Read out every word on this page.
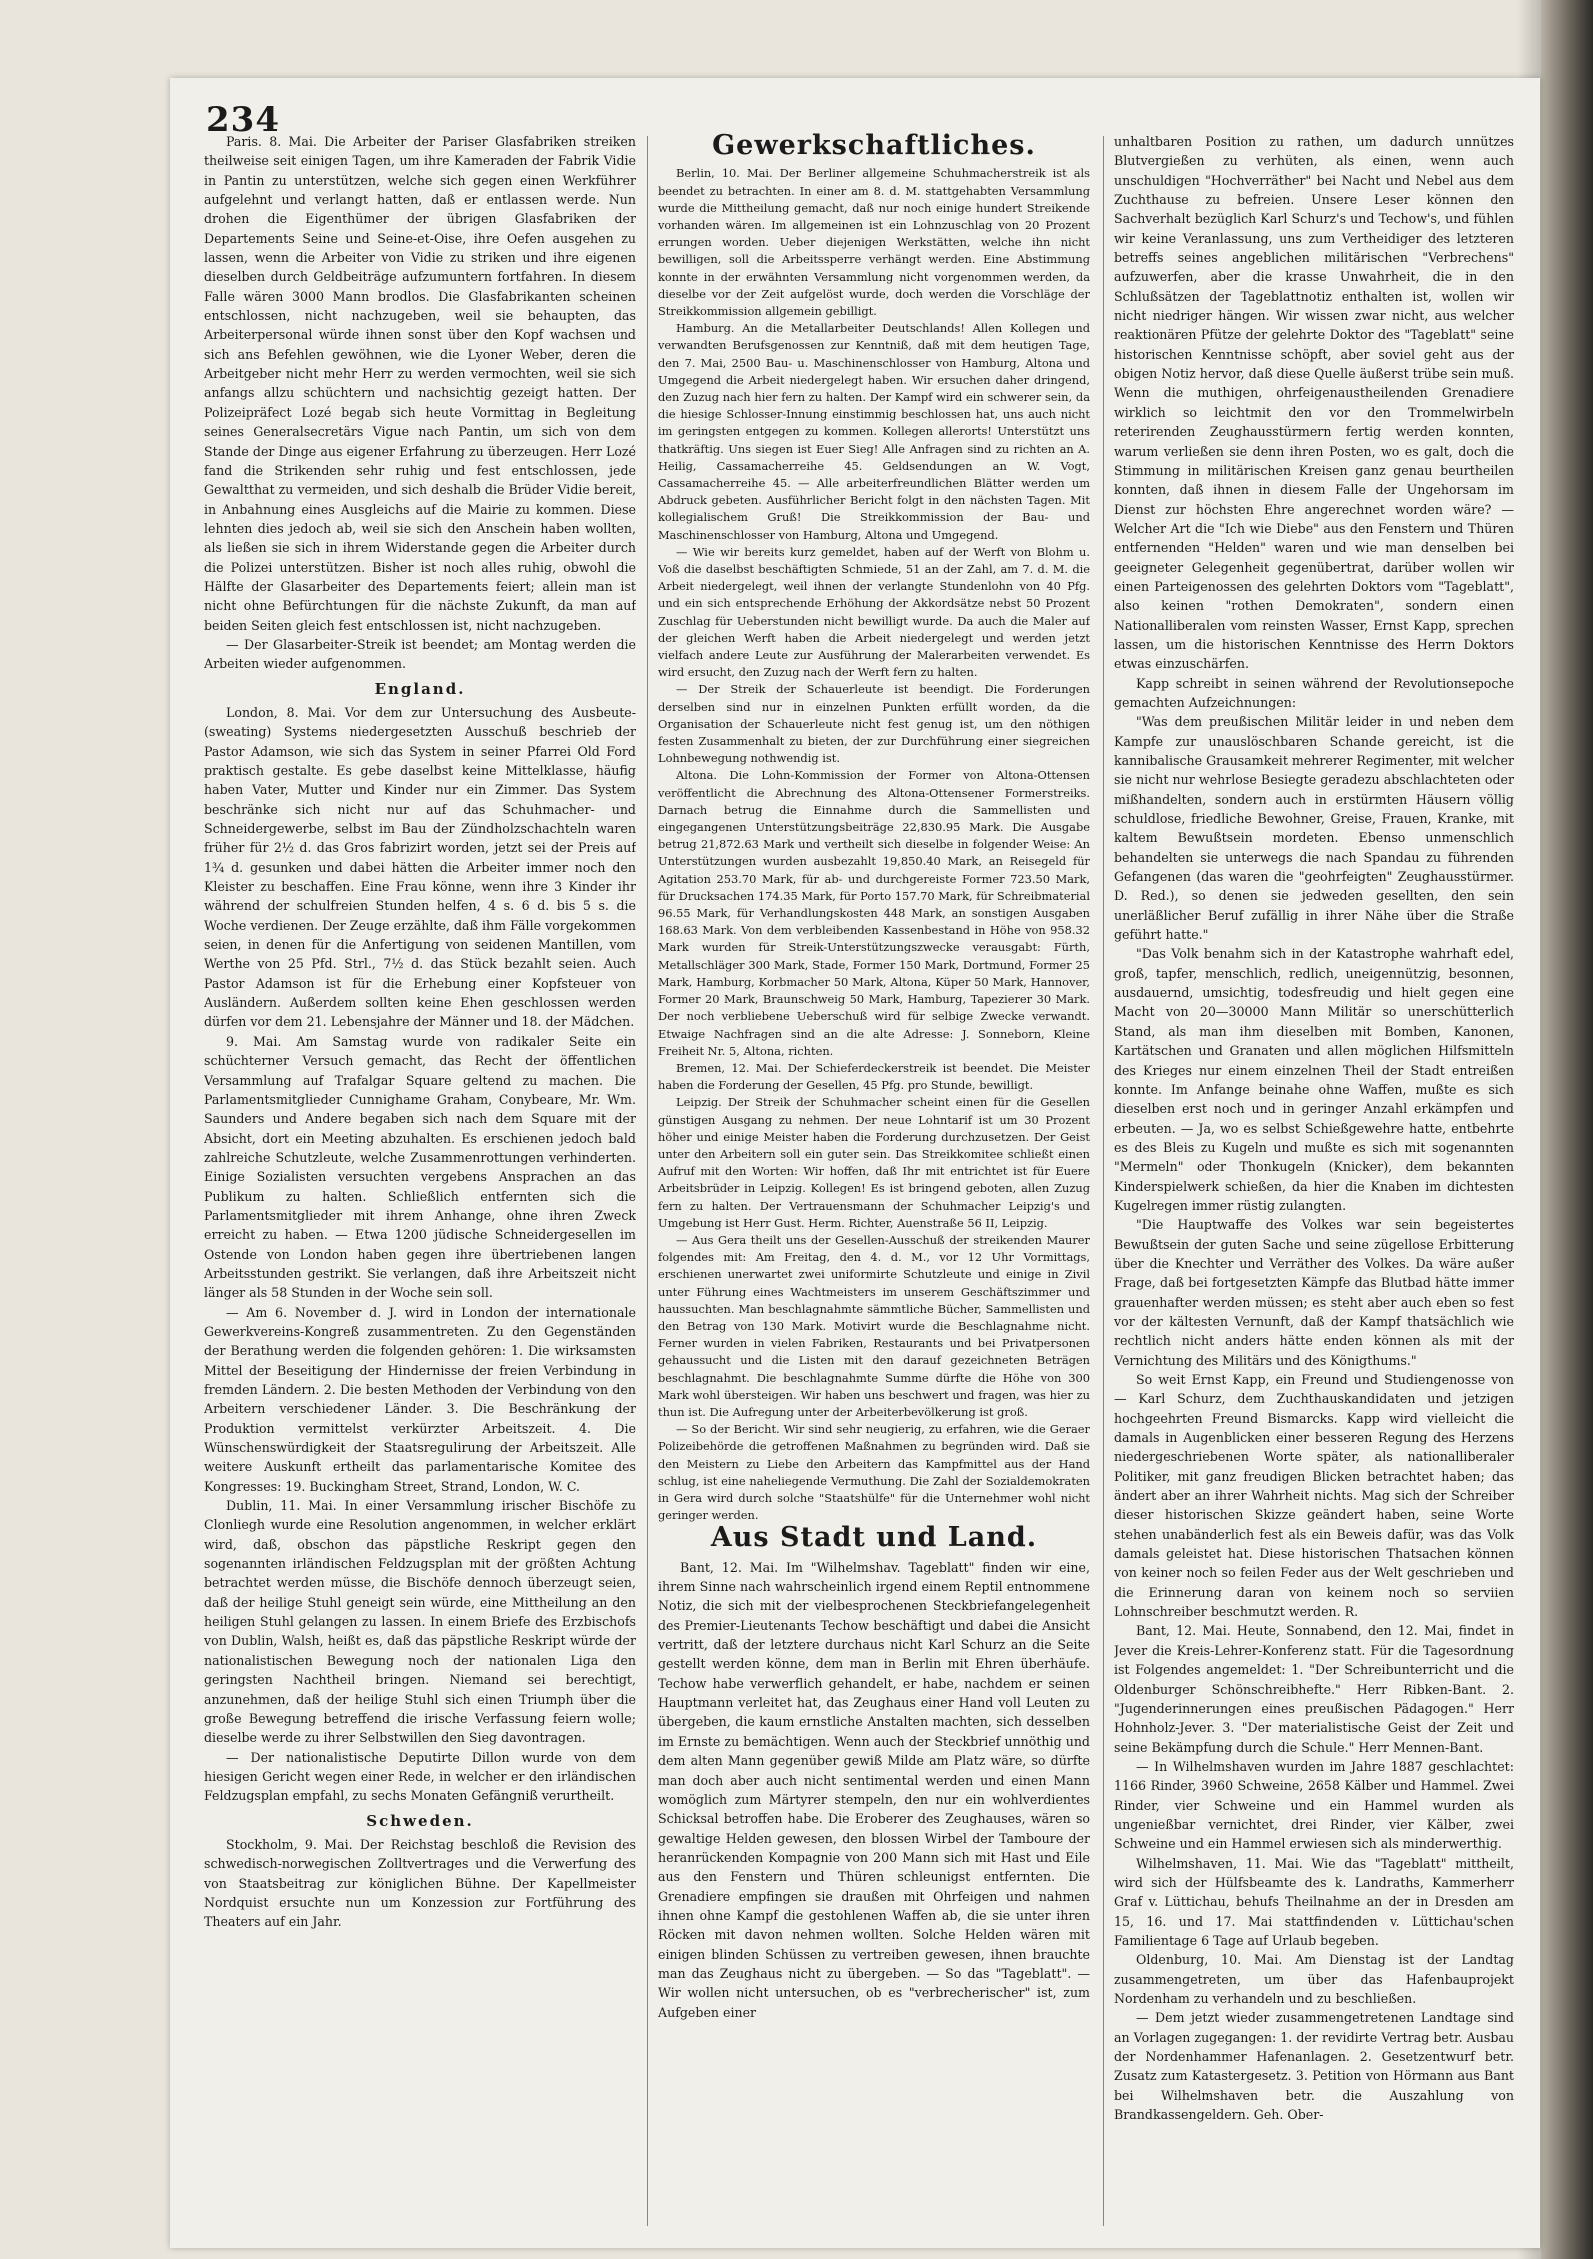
234

Paris. 8. Mai. Die Arbeiter der Pariser Glasfabriken streiken theilweise seit einigen Tagen, um ihre Kameraden der Fabrik Vidie in Pantin zu unterstützen, welche sich gegen einen Werkführer aufgelehnt und verlangt hatten, daß er entlassen werde. Nun drohen die Eigenthümer der übrigen Glasfabriken der Departements Seine und Seine-et-Oise, ihre Oefen ausgehen zu lassen, wenn die Arbeiter von Vidie zu striken und ihre eigenen dieselben durch Geldbeiträge aufzumuntern fortfahren. In diesem Falle wären 3000 Mann brodlos. Die Glasfabrikanten scheinen entschlossen, nicht nachzugeben, weil sie behaupten, das Arbeiterpersonal würde ihnen sonst über den Kopf wachsen und sich ans Befehlen gewöhnen, wie die Lyoner Weber, deren die Arbeitgeber nicht mehr Herr zu werden vermochten, weil sie sich anfangs allzu schüchtern und nachsichtig gezeigt hatten. Der Polizeipräfect Lozé begab sich heute Vormittag in Begleitung seines Generalsecretärs Vigue nach Pantin, um sich von dem Stande der Dinge aus eigener Erfahrung zu überzeugen. Herr Lozé fand die Strikenden sehr ruhig und fest entschlossen, jede Gewaltthat zu vermeiden, und sich deshalb die Brüder Vidie bereit, in Anbahnung eines Ausgleichs auf die Mairie zu kommen. Diese lehnten dies jedoch ab, weil sie sich den Anschein haben wollten, als ließen sie sich in ihrem Widerstande gegen die Arbeiter durch die Polizei unterstützen. Bisher ist noch alles ruhig, obwohl die Hälfte der Glasarbeiter des Departements feiert; allein man ist nicht ohne Befürchtungen für die nächste Zukunft, da man auf beiden Seiten gleich fest entschlossen ist, nicht nachzugeben.

— Der Glasarbeiter-Streik ist beendet; am Montag werden die Arbeiten wieder aufgenommen.

England.

London, 8. Mai. Vor dem zur Untersuchung des Ausbeute- (sweating) Systems niedergesetzten Ausschuß beschrieb der Pastor Adamson, wie sich das System in seiner Pfarrei Old Ford praktisch gestalte. Es gebe daselbst keine Mittelklasse, häufig haben Vater, Mutter und Kinder nur ein Zimmer. Das System beschränke sich nicht nur auf das Schuhmacher- und Schneidergewerbe, selbst im Bau der Zündholzschachteln waren früher für 2½ d. das Gros fabrizirt worden, jetzt sei der Preis auf 1¾ d. gesunken und dabei hätten die Arbeiter immer noch den Kleister zu beschaffen. Eine Frau könne, wenn ihre 3 Kinder ihr während der schulfreien Stunden helfen, 4 s. 6 d. bis 5 s. die Woche verdienen. Der Zeuge erzählte, daß ihm Fälle vorgekommen seien, in denen für die Anfertigung von seidenen Mantillen, vom Werthe von 25 Pfd. Strl., 7½ d. das Stück bezahlt seien. Auch Pastor Adamson ist für die Erhebung einer Kopfsteuer von Ausländern. Außerdem sollten keine Ehen geschlossen werden dürfen vor dem 21. Lebensjahre der Männer und 18. der Mädchen.

9. Mai. Am Samstag wurde von radikaler Seite ein schüchterner Versuch gemacht, das Recht der öffentlichen Versammlung auf Trafalgar Square geltend zu machen. Die Parlamentsmitglieder Cunnighame Graham, Conybeare, Mr. Wm. Saunders und Andere begaben sich nach dem Square mit der Absicht, dort ein Meeting abzuhalten. Es erschienen jedoch bald zahlreiche Schutzleute, welche Zusammenrottungen verhinderten. Einige Sozialisten versuchten vergebens Ansprachen an das Publikum zu halten. Schließlich entfernten sich die Parlamentsmitglieder mit ihrem Anhange, ohne ihren Zweck erreicht zu haben. — Etwa 1200 jüdische Schneidergesellen im Ostende von London haben gegen ihre übertriebenen langen Arbeitsstunden gestrikt. Sie verlangen, daß ihre Arbeitszeit nicht länger als 58 Stunden in der Woche sein soll.

— Am 6. November d. J. wird in London der internationale Gewerkvereins-Kongreß zusammentreten. Zu den Gegenständen der Berathung werden die folgenden gehören: 1. Die wirksamsten Mittel der Beseitigung der Hindernisse der freien Verbindung in fremden Ländern. 2. Die besten Methoden der Verbindung von den Arbeitern verschiedener Länder. 3. Die Beschränkung der Produktion vermittelst verkürzter Arbeitszeit. 4. Die Wünschenswürdigkeit der Staatsregulirung der Arbeitszeit. Alle weitere Auskunft ertheilt das parlamentarische Komitee des Kongresses: 19. Buckingham Street, Strand, London, W. C.

Dublin, 11. Mai. In einer Versammlung irischer Bischöfe zu Clonliegh wurde eine Resolution angenommen, in welcher erklärt wird, daß, obschon das päpstliche Reskript gegen den sogenannten irländischen Feldzugsplan mit der größten Achtung betrachtet werden müsse, die Bischöfe dennoch überzeugt seien, daß der heilige Stuhl geneigt sein würde, eine Mittheilung an den heiligen Stuhl gelangen zu lassen. In einem Briefe des Erzbischofs von Dublin, Walsh, heißt es, daß das päpstliche Reskript würde der nationalistischen Bewegung noch der nationalen Liga den geringsten Nachtheil bringen. Niemand sei berechtigt, anzunehmen, daß der heilige Stuhl sich einen Triumph über die große Bewegung betreffend die irische Verfassung feiern wolle; dieselbe werde zu ihrer Selbstwillen den Sieg davontragen.

— Der nationalistische Deputirte Dillon wurde von dem hiesigen Gericht wegen einer Rede, in welcher er den irländischen Feldzugsplan empfahl, zu sechs Monaten Gefängniß verurtheilt.

Schweden.

Stockholm, 9. Mai. Der Reichstag beschloß die Revision des schwedisch-norwegischen Zolltvertrages und die Verwerfung des von Staatsbeitrag zur königlichen Bühne. Der Kapellmeister Nordquist ersuchte nun um Konzession zur Fortführung des Theaters auf ein Jahr.

Gewerkschaftliches.

Berlin, 10. Mai. Der Berliner allgemeine Schuhmacherstreik ist als beendet zu betrachten. In einer am 8. d. M. stattgehabten Versammlung wurde die Mittheilung gemacht, daß nur noch einige hundert Streikende vorhanden wären. Im allgemeinen ist ein Lohnzuschlag von 20 Prozent errungen worden. Ueber diejenigen Werkstätten, welche ihn nicht bewilligen, soll die Arbeitssperre verhängt werden. Eine Abstimmung konnte in der erwähnten Versammlung nicht vorgenommen werden, da dieselbe vor der Zeit aufgelöst wurde, doch werden die Vorschläge der Streikkommission allgemein gebilligt.

Hamburg. An die Metallarbeiter Deutschlands! Allen Kollegen und verwandten Berufsgenossen zur Kenntniß, daß mit dem heutigen Tage, den 7. Mai, 2500 Bau- u. Maschinenschlosser von Hamburg, Altona und Umgegend die Arbeit niedergelegt haben. Wir ersuchen daher dringend, den Zuzug nach hier fern zu halten. Der Kampf wird ein schwerer sein, da die hiesige Schlosser-Innung einstimmig beschlossen hat, uns auch nicht im geringsten entgegen zu kommen. Kollegen allerorts! Unterstützt uns thatkräftig. Uns siegen ist Euer Sieg! Alle Anfragen sind zu richten an A. Heilig, Cassamacherreihe 45. Geldsendungen an W. Vogt, Cassamacherreihe 45. — Alle arbeiterfreundlichen Blätter werden um Abdruck gebeten. Ausführlicher Bericht folgt in den nächsten Tagen. Mit kollegialischem Gruß! Die Streikkommission der Bau- und Maschinenschlosser von Hamburg, Altona und Umgegend.

— Wie wir bereits kurz gemeldet, haben auf der Werft von Blohm u. Voß die daselbst beschäftigten Schmiede, 51 an der Zahl, am 7. d. M. die Arbeit niedergelegt, weil ihnen der verlangte Stundenlohn von 40 Pfg. und ein sich entsprechende Erhöhung der Akkordsätze nebst 50 Prozent Zuschlag für Ueberstunden nicht bewilligt wurde. Da auch die Maler auf der gleichen Werft haben die Arbeit niedergelegt und werden jetzt vielfach andere Leute zur Ausführung der Malerarbeiten verwendet. Es wird ersucht, den Zuzug nach der Werft fern zu halten.

— Der Streik der Schauerleute ist beendigt. Die Forderungen derselben sind nur in einzelnen Punkten erfüllt worden, da die Organisation der Schauerleute nicht fest genug ist, um den nöthigen festen Zusammenhalt zu bieten, der zur Durchführung einer siegreichen Lohnbewegung nothwendig ist.

Altona. Die Lohn-Kommission der Former von Altona-Ottensen veröffentlicht die Abrechnung des Altona-Ottensener Formerstreiks. Darnach betrug die Einnahme durch die Sammellisten und eingegangenen Unterstützungsbeiträge 22,830.95 Mark. Die Ausgabe betrug 21,872.63 Mark und vertheilt sich dieselbe in folgender Weise: An Unterstützungen wurden ausbezahlt 19,850.40 Mark, an Reisegeld für Agitation 253.70 Mark, für ab- und durchgereiste Former 723.50 Mark, für Drucksachen 174.35 Mark, für Porto 157.70 Mark, für Schreibmaterial 96.55 Mark, für Verhandlungskosten 448 Mark, an sonstigen Ausgaben 168.63 Mark. Von dem verbleibenden Kassenbestand in Höhe von 958.32 Mark wurden für Streik-Unterstützungszwecke verausgabt: Fürth, Metallschläger 300 Mark, Stade, Former 150 Mark, Dortmund, Former 25 Mark, Hamburg, Korbmacher 50 Mark, Altona, Küper 50 Mark, Hannover, Former 20 Mark, Braunschweig 50 Mark, Hamburg, Tapezierer 30 Mark. Der noch verbliebene Ueberschuß wird für selbige Zwecke verwandt. Etwaige Nachfragen sind an die alte Adresse: J. Sonneborn, Kleine Freiheit Nr. 5, Altona, richten.

Bremen, 12. Mai. Der Schieferdeckerstreik ist beendet. Die Meister haben die Forderung der Gesellen, 45 Pfg. pro Stunde, bewilligt.

Leipzig. Der Streik der Schuhmacher scheint einen für die Gesellen günstigen Ausgang zu nehmen. Der neue Lohntarif ist um 30 Prozent höher und einige Meister haben die Forderung durchzusetzen. Der Geist unter den Arbeitern soll ein guter sein. Das Streikkomitee schließt einen Aufruf mit den Worten: Wir hoffen, daß Ihr mit entrichtet ist für Euere Arbeitsbrüder in Leipzig. Kollegen! Es ist bringend geboten, allen Zuzug fern zu halten. Der Vertrauensmann der Schuhmacher Leipzig's und Umgebung ist Herr Gust. Herm. Richter, Auenstraße 56 II, Leipzig.

— Aus Gera theilt uns der Gesellen-Ausschuß der streikenden Maurer folgendes mit: Am Freitag, den 4. d. M., vor 12 Uhr Vormittags, erschienen unerwartet zwei uniformirte Schutzleute und einige in Zivil unter Führung eines Wachtmeisters im unserem Geschäftszimmer und haussuchten. Man beschlagnahmte sämmtliche Bücher, Sammellisten und den Betrag von 130 Mark. Motivirt wurde die Beschlagnahme nicht. Ferner wurden in vielen Fabriken, Restaurants und bei Privatpersonen gehaussucht und die Listen mit den darauf gezeichneten Beträgen beschlagnahmt. Die beschlagnahmte Summe dürfte die Höhe von 300 Mark wohl übersteigen. Wir haben uns beschwert und fragen, was hier zu thun ist. Die Aufregung unter der Arbeiterbevölkerung ist groß.

— So der Bericht. Wir sind sehr neugierig, zu erfahren, wie die Geraer Polizeibehörde die getroffenen Maßnahmen zu begründen wird. Daß sie den Meistern zu Liebe den Arbeitern das Kampfmittel aus der Hand schlug, ist eine naheliegende Vermuthung. Die Zahl der Sozialdemokraten in Gera wird durch solche "Staatshülfe" für die Unternehmer wohl nicht geringer werden.

Aus Stadt und Land.

Bant, 12. Mai. Im "Wilhelmshav. Tageblatt" finden wir eine, ihrem Sinne nach wahrscheinlich irgend einem Reptil entnommene Notiz, die sich mit der vielbesprochenen Steckbriefangelegenheit des Premier-Lieutenants Techow beschäftigt und dabei die Ansicht vertritt, daß der letztere durchaus nicht Karl Schurz an die Seite gestellt werden könne, dem man in Berlin mit Ehren überhäufe. Techow habe verwerflich gehandelt, er habe, nachdem er seinen Hauptmann verleitet hat, das Zeughaus einer Hand voll Leuten zu übergeben, die kaum ernstliche Anstalten machten, sich desselben im Ernste zu bemächtigen. Wenn auch der Steckbrief unnöthig und dem alten Mann gegenüber gewiß Milde am Platz wäre, so dürfte man doch aber auch nicht sentimental werden und einen Mann womöglich zum Märtyrer stempeln, den nur ein wohlverdientes Schicksal betroffen habe. Die Eroberer des Zeughauses, wären so gewaltige Helden gewesen, den blossen Wirbel der Tamboure der heranrückenden Kompagnie von 200 Mann sich mit Hast und Eile aus den Fenstern und Thüren schleunigst entfernten. Die Grenadiere empfingen sie draußen mit Ohrfeigen und nahmen ihnen ohne Kampf die gestohlenen Waffen ab, die sie unter ihren Röcken mit davon nehmen wollten. Solche Helden wären mit einigen blinden Schüssen zu vertreiben gewesen, ihnen brauchte man das Zeughaus nicht zu übergeben. — So das "Tageblatt". — Wir wollen nicht untersuchen, ob es "verbrecherischer" ist, zum Aufgeben einer

unhaltbaren Position zu rathen, um dadurch unnützes Blutvergießen zu verhüten, als einen, wenn auch unschuldigen "Hochverräther" bei Nacht und Nebel aus dem Zuchthause zu befreien. Unsere Leser können den Sachverhalt bezüglich Karl Schurz's und Techow's, und fühlen wir keine Veranlassung, uns zum Vertheidiger des letzteren betreffs seines angeblichen militärischen "Verbrechens" aufzuwerfen, aber die krasse Unwahrheit, die in den Schlußsätzen der Tageblattnotiz enthalten ist, wollen wir nicht niedriger hängen. Wir wissen zwar nicht, aus welcher reaktionären Pfütze der gelehrte Doktor des "Tageblatt" seine historischen Kenntnisse schöpft, aber soviel geht aus der obigen Notiz hervor, daß diese Quelle äußerst trübe sein muß. Wenn die muthigen, ohrfeigenaustheilenden Grenadiere wirklich so leichtmit den vor den Trommelwirbeln reterirenden Zeughausstürmern fertig werden konnten, warum verließen sie denn ihren Posten, wo es galt, doch die Stimmung in militärischen Kreisen ganz genau beurtheilen konnten, daß ihnen in diesem Falle der Ungehorsam im Dienst zur höchsten Ehre angerechnet worden wäre? — Welcher Art die "Ich wie Diebe" aus den Fenstern und Thüren entfernenden "Helden" waren und wie man denselben bei geeigneter Gelegenheit gegenübertrat, darüber wollen wir einen Parteigenossen des gelehrten Doktors vom "Tageblatt", also keinen "rothen Demokraten", sondern einen Nationalliberalen vom reinsten Wasser, Ernst Kapp, sprechen lassen, um die historischen Kenntnisse des Herrn Doktors etwas einzuschärfen.

Kapp schreibt in seinen während der Revolutionsepoche gemachten Aufzeichnungen:

"Was dem preußischen Militär leider in und neben dem Kampfe zur unauslöschbaren Schande gereicht, ist die kannibalische Grausamkeit mehrerer Regimenter, mit welcher sie nicht nur wehrlose Besiegte geradezu abschlachteten oder mißhandelten, sondern auch in erstürmten Häusern völlig schuldlose, friedliche Bewohner, Greise, Frauen, Kranke, mit kaltem Bewußtsein mordeten. Ebenso unmenschlich behandelten sie unterwegs die nach Spandau zu führenden Gefangenen (das waren die "geohrfeigten" Zeughausstürmer. D. Red.), so denen sie jedweden gesellten, den sein unerläßlicher Beruf zufällig in ihrer Nähe über die Straße geführt hatte."

"Das Volk benahm sich in der Katastrophe wahrhaft edel, groß, tapfer, menschlich, redlich, uneigennützig, besonnen, ausdauernd, umsichtig, todesfreudig und hielt gegen eine Macht von 20—30000 Mann Militär so unerschütterlich Stand, als man ihm dieselben mit Bomben, Kanonen, Kartätschen und Granaten und allen möglichen Hilfsmitteln des Krieges nur einem einzelnen Theil der Stadt entreißen konnte. Im Anfange beinahe ohne Waffen, mußte es sich dieselben erst noch und in geringer Anzahl erkämpfen und erbeuten. — Ja, wo es selbst Schießgewehre hatte, entbehrte es des Bleis zu Kugeln und mußte es sich mit sogenannten "Mermeln" oder Thonkugeln (Knicker), dem bekannten Kinderspielwerk schießen, da hier die Knaben im dichtesten Kugelregen immer rüstig zulangten.

"Die Hauptwaffe des Volkes war sein begeistertes Bewußtsein der guten Sache und seine zügellose Erbitterung über die Knechter und Verräther des Volkes. Da wäre außer Frage, daß bei fortgesetzten Kämpfe das Blutbad hätte immer grauenhafter werden müssen; es steht aber auch eben so fest vor der kältesten Vernunft, daß der Kampf thatsächlich wie rechtlich nicht anders hätte enden können als mit der Vernichtung des Militärs und des Königthums."

So weit Ernst Kapp, ein Freund und Studiengenosse von — Karl Schurz, dem Zuchthauskandidaten und jetzigen hochgeehrten Freund Bismarcks. Kapp wird vielleicht die damals in Augenblicken einer besseren Regung des Herzens niedergeschriebenen Worte später, als nationalliberaler Politiker, mit ganz freudigen Blicken betrachtet haben; das ändert aber an ihrer Wahrheit nichts. Mag sich der Schreiber dieser historischen Skizze geändert haben, seine Worte stehen unabänderlich fest als ein Beweis dafür, was das Volk damals geleistet hat. Diese historischen Thatsachen können von keiner noch so feilen Feder aus der Welt geschrieben und die Erinnerung daran von keinem noch so serviien Lohnschreiber beschmutzt werden. R.

Bant, 12. Mai. Heute, Sonnabend, den 12. Mai, findet in Jever die Kreis-Lehrer-Konferenz statt. Für die Tagesordnung ist Folgendes angemeldet: 1. "Der Schreibunterricht und die Oldenburger Schönschreibhefte." Herr Ribken-Bant. 2. "Jugenderinnerungen eines preußischen Pädagogen." Herr Hohnholz-Jever. 3. "Der materialistische Geist der Zeit und seine Bekämpfung durch die Schule." Herr Mennen-Bant.

— In Wilhelmshaven wurden im Jahre 1887 geschlachtet: 1166 Rinder, 3960 Schweine, 2658 Kälber und Hammel. Zwei Rinder, vier Schweine und ein Hammel wurden als ungenießbar vernichtet, drei Rinder, vier Kälber, zwei Schweine und ein Hammel erwiesen sich als minderwerthig.

Wilhelmshaven, 11. Mai. Wie das "Tageblatt" mittheilt, wird sich der Hülfsbeamte des k. Landraths, Kammerherr Graf v. Lüttichau, behufs Theilnahme an der in Dresden am 15, 16. und 17. Mai stattfindenden v. Lüttichau'schen Familientage 6 Tage auf Urlaub begeben.

Oldenburg, 10. Mai. Am Dienstag ist der Landtag zusammengetreten, um über das Hafenbauprojekt Nordenham zu verhandeln und zu beschließen.

— Dem jetzt wieder zusammengetretenen Landtage sind an Vorlagen zugegangen: 1. der revidirte Vertrag betr. Ausbau der Nordenhammer Hafenanlagen. 2. Gesetzentwurf betr. Zusatz zum Katastergesetz. 3. Petition von Hörmann aus Bant bei Wilhelmshaven betr. die Auszahlung von Brandkassengeldern. Geh. Ober-
